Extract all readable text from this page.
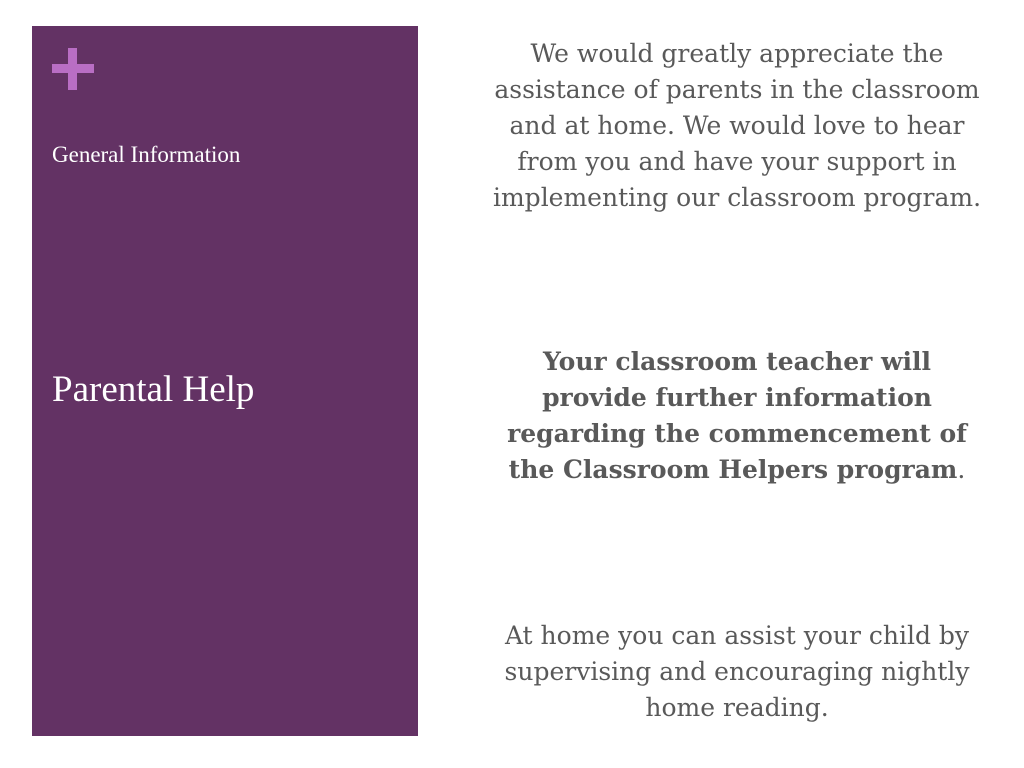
General Information
Parental Help
We would greatly appreciate the assistance of parents in the classroom and at home. We would love to hear from you and have your support in implementing our classroom program.
Your classroom teacher will provide further information regarding the commencement of the Classroom Helpers program.
At home you can assist your child by supervising and encouraging nightly home reading.
